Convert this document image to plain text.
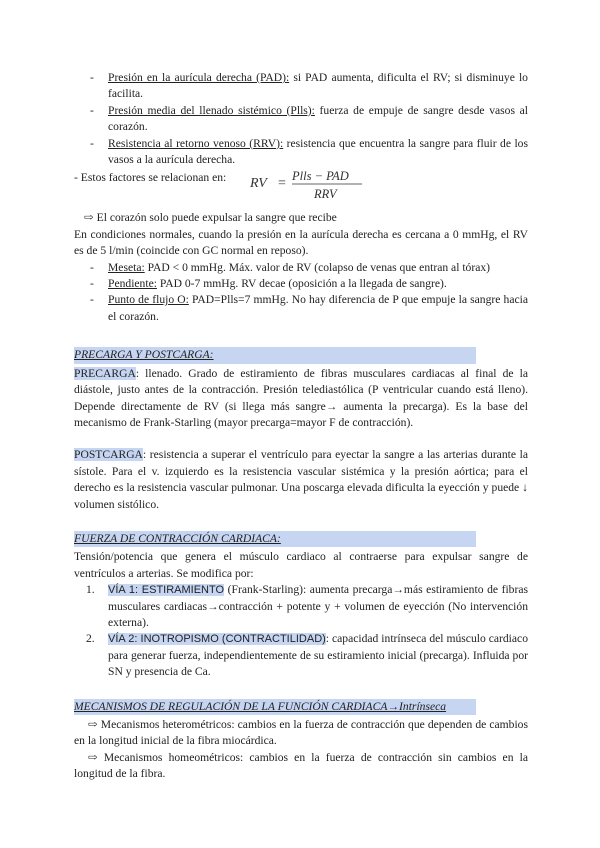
-	Presión en la aurícula derecha (PAD): si PAD aumenta, dificulta el RV; si disminuye lo facilita.
-	Presión media del llenado sistémico (Plls): fuerza de empuje de sangre desde vasos al corazón.
-	Resistencia al retorno venoso (RRV): resistencia que encuentra la sangre para fluir de los vasos a la aurícula derecha.
- Estos factores se relacionan en: RV = Plls − PAD
RRV

⇨ El corazón solo puede expulsar la sangre que recibe

En condiciones normales, cuando la presión en la aurícula derecha es cercana a 0 mmHg, el RV es de 5 l/min (coincide con GC normal en reposo).

-	Meseta: PAD < 0 mmHg. Máx. valor de RV (colapso de venas que entran al tórax)
-	Pendiente: PAD 0-7 mmHg. RV decae (oposición a la llegada de sangre).
-	Punto de flujo O: PAD=Plls=7 mmHg. No hay diferencia de P que empuje la sangre hacia el corazón.
PRECARGA Y POSTCARGA:

PRECARGA: llenado. Grado de estiramiento de fibras musculares cardiacas al final de la diástole, justo antes de la contracción. Presión telediastólica (P ventricular cuando está lleno). Depende directamente de RV (si llega más sangre→ aumenta la precarga). Es la base del mecanismo de Frank-Starling (mayor precarga=mayor F de contracción).

POSTCARGA: resistencia a superar el ventrículo para eyectar la sangre a las arterias durante la sístole. Para el v. izquierdo es la resistencia vascular sistémica y la presión aórtica; para el derecho es la resistencia vascular pulmonar. Una poscarga elevada dificulta la eyección y puede ↓ volumen sistólico.

FUERZA DE CONTRACCIÓN CARDIACA:

Tensión/potencia que genera el músculo cardiaco al contraerse para expulsar sangre de ventrículos a arterias. Se modifica por:

1.	VÍA 1: ESTIRAMIENTO (Frank-Starling): aumenta precarga→más estiramiento de fibras musculares cardiacas→contracción + potente y + volumen de eyección (No intervención externa).
2.	VÍA 2: INOTROPISMO (CONTRACTILIDAD): capacidad intrínseca del músculo cardiaco para generar fuerza, independientemente de su estiramiento inicial (precarga). Influida por SN y presencia de Ca.
MECANISMOS DE REGULACIÓN DE LA FUNCIÓN CARDIACA→Intrínseca

⇨ Mecanismos heterométricos: cambios en la fuerza de contracción que dependen de cambios en la longitud inicial de la fibra miocárdica.

⇨ Mecanismos homeométricos: cambios en la fuerza de contracción sin cambios en la longitud de la fibra.
